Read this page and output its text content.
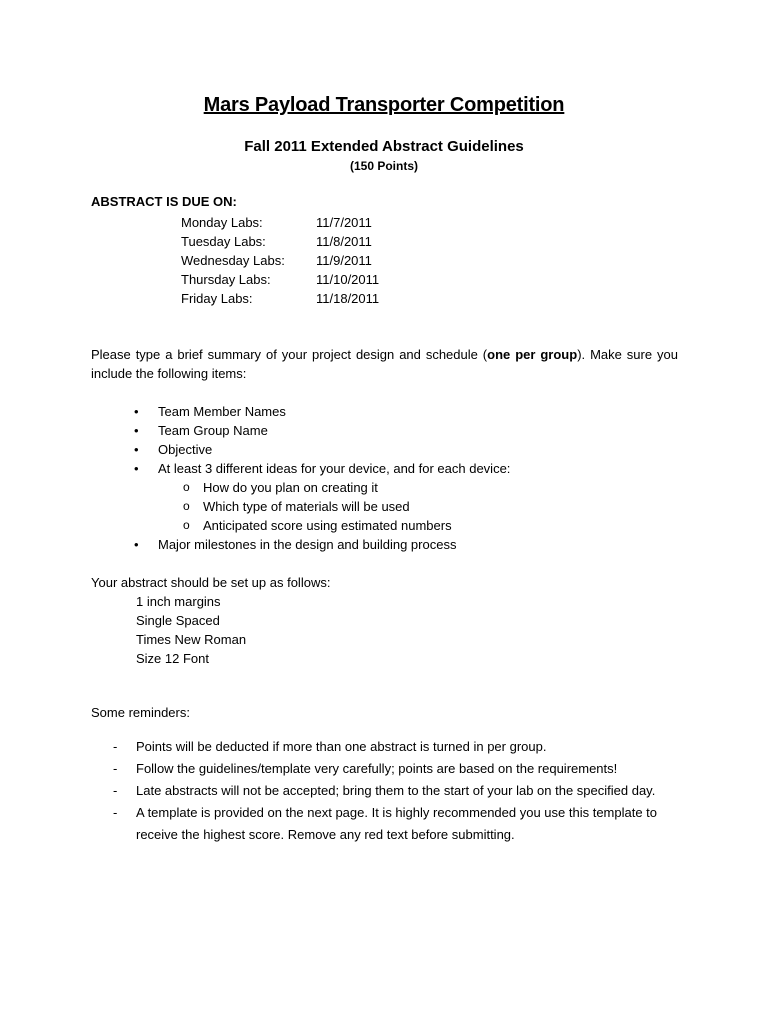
Mars Payload Transporter Competition
Fall 2011 Extended Abstract Guidelines
(150 Points)
ABSTRACT IS DUE ON:
Monday Labs:	11/7/2011
Tuesday Labs:	11/8/2011
Wednesday Labs: 11/9/2011
Thursday Labs:	11/10/2011
Friday Labs:	11/18/2011
Please type a brief summary of your project design and schedule (one per group). Make sure you include the following items:
• Team Member Names
• Team Group Name
• Objective
• At least 3 different ideas for your device, and for each device:
o How do you plan on creating it
o Which type of materials will be used
o Anticipated score using estimated numbers
• Major milestones in the design and building process
Your abstract should be set up as follows:
1 inch margins
Single Spaced
Times New Roman
Size 12 Font
Some reminders:
- Points will be deducted if more than one abstract is turned in per group.
- Follow the guidelines/template very carefully; points are based on the requirements!
- Late abstracts will not be accepted; bring them to the start of your lab on the specified day.
- A template is provided on the next page. It is highly recommended you use this template to receive the highest score. Remove any red text before submitting.
